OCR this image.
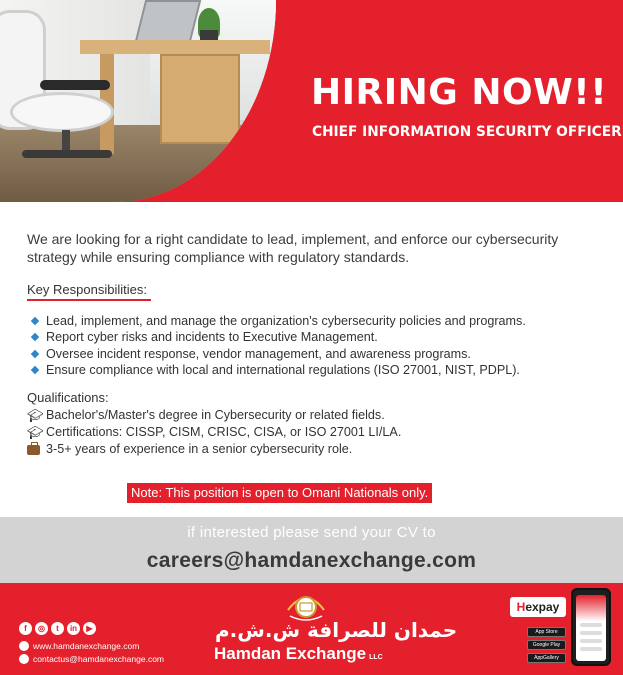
HIRING NOW!!
CHIEF INFORMATION SECURITY OFFICER

We are looking for a right candidate to lead, implement, and enforce our cybersecurity strategy while ensuring compliance with regulatory standards.

Key Responsibilities:
Lead, implement, and manage the organization's cybersecurity policies and programs.
Report cyber risks and incidents to Executive Management.
Oversee incident response, vendor management, and awareness programs.
Ensure compliance with local and international regulations (ISO 27001, NIST, PDPL).
Qualifications:
🎓︎ Bachelor's/Master's degree in Cybersecurity or related fields.
🎓︎ Certifications: CISSP, CISM, CRISC, CISA, or ISO 27001 LI/LA.
3-5+ years of experience in a senior cybersecurity role.
Note: This position is open to Omani Nationals only.
if interested please send your CV to
careers@hamdanexchange.com
f	◎	t	in	▶
www.hamdanexchange.com
contactus@hamdanexchange.com
حمدان للصرافة ش.ش.م
Hamdan Exchange LLC
Hexpay
App Store
Google Play
AppGallery
